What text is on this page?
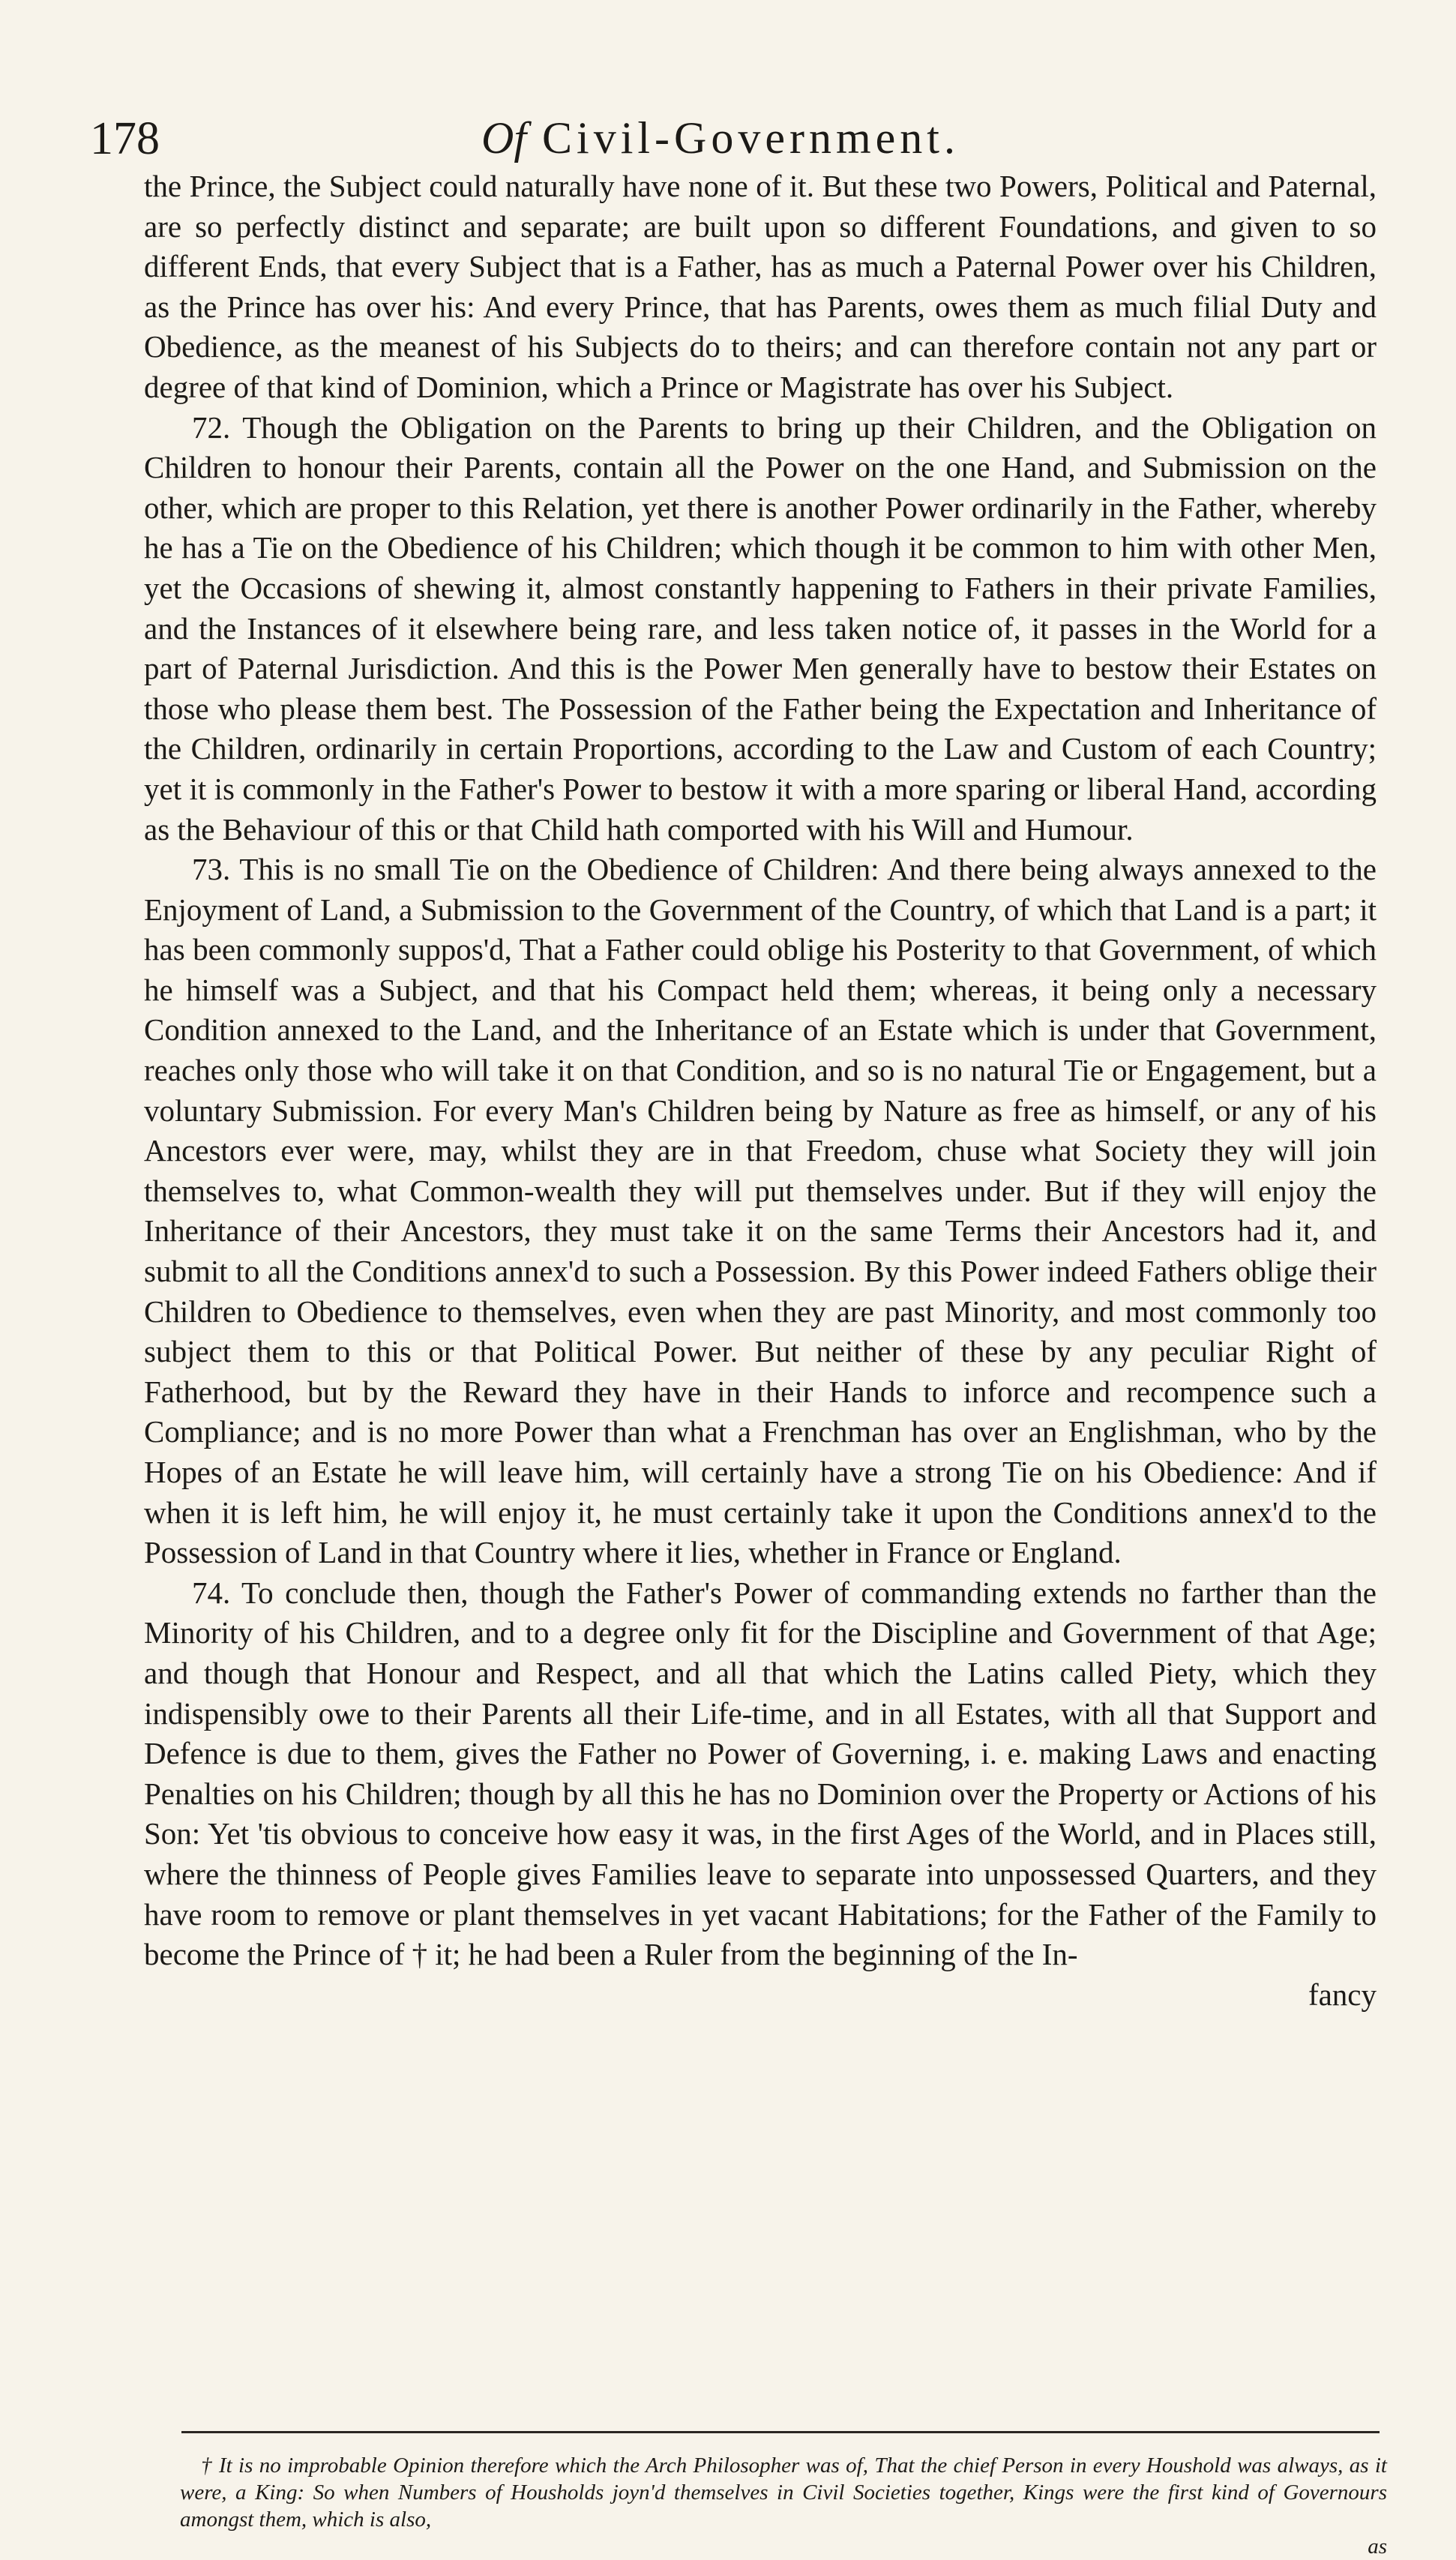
178	Of Civil-Government.

the Prince, the Subject could naturally have none of it. But these two Powers, Political and Paternal, are so perfectly distinct and separate; are built upon so different Foundations, and given to so different Ends, that every Subject that is a Father, has as much a Paternal Power over his Children, as the Prince has over his: And every Prince, that has Parents, owes them as much filial Duty and Obedience, as the meanest of his Subjects do to theirs; and can therefore contain not any part or degree of that kind of Dominion, which a Prince or Magistrate has over his Subject.

72. Though the Obligation on the Parents to bring up their Children, and the Obligation on Children to honour their Parents, contain all the Power on the one Hand, and Submission on the other, which are proper to this Relation, yet there is another Power ordinarily in the Father, whereby he has a Tie on the Obedience of his Children; which though it be common to him with other Men, yet the Occasions of shewing it, almost constantly happening to Fathers in their private Families, and the Instances of it elsewhere being rare, and less taken notice of, it passes in the World for a part of Paternal Jurisdiction. And this is the Power Men generally have to bestow their Estates on those who please them best. The Possession of the Father being the Expectation and Inheritance of the Children, ordinarily in certain Proportions, according to the Law and Custom of each Country; yet it is commonly in the Father's Power to bestow it with a more sparing or liberal Hand, according as the Behaviour of this or that Child hath comported with his Will and Humour.

73. This is no small Tie on the Obedience of Children: And there being always annexed to the Enjoyment of Land, a Submission to the Government of the Country, of which that Land is a part; it has been commonly suppos'd, That a Father could oblige his Posterity to that Government, of which he himself was a Subject, and that his Compact held them; whereas, it being only a necessary Condition annexed to the Land, and the Inheritance of an Estate which is under that Government, reaches only those who will take it on that Condition, and so is no natural Tie or Engagement, but a voluntary Submission. For every Man's Children being by Nature as free as himself, or any of his Ancestors ever were, may, whilst they are in that Freedom, chuse what Society they will join themselves to, what Common-wealth they will put themselves under. But if they will enjoy the Inheritance of their Ancestors, they must take it on the same Terms their Ancestors had it, and submit to all the Conditions annex'd to such a Possession. By this Power indeed Fathers oblige their Children to Obedience to themselves, even when they are past Minority, and most commonly too subject them to this or that Political Power. But neither of these by any peculiar Right of Fatherhood, but by the Reward they have in their Hands to inforce and recompence such a Compliance; and is no more Power than what a Frenchman has over an Englishman, who by the Hopes of an Estate he will leave him, will certainly have a strong Tie on his Obedience: And if when it is left him, he will enjoy it, he must certainly take it upon the Conditions annex'd to the Possession of Land in that Country where it lies, whether in France or England.

74. To conclude then, though the Father's Power of commanding extends no farther than the Minority of his Children, and to a degree only fit for the Discipline and Government of that Age; and though that Honour and Respect, and all that which the Latins called Piety, which they indispensibly owe to their Parents all their Life-time, and in all Estates, with all that Support and Defence is due to them, gives the Father no Power of Governing, i. e. making Laws and enacting Penalties on his Children; though by all this he has no Dominion over the Property or Actions of his Son: Yet 'tis obvious to conceive how easy it was, in the first Ages of the World, and in Places still, where the thinness of People gives Families leave to separate into unpossessed Quarters, and they have room to remove or plant themselves in yet vacant Habitations; for the Father of the Family to become the Prince of † it; he had been a Ruler from the beginning of the In-

fancy

† It is no improbable Opinion therefore which the Arch Philosopher was of, That the chief Person in every Houshold was always, as it were, a King: So when Numbers of Housholds joyn'd themselves in Civil Societies together, Kings were the first kind of Governours amongst them, which is also,

as
